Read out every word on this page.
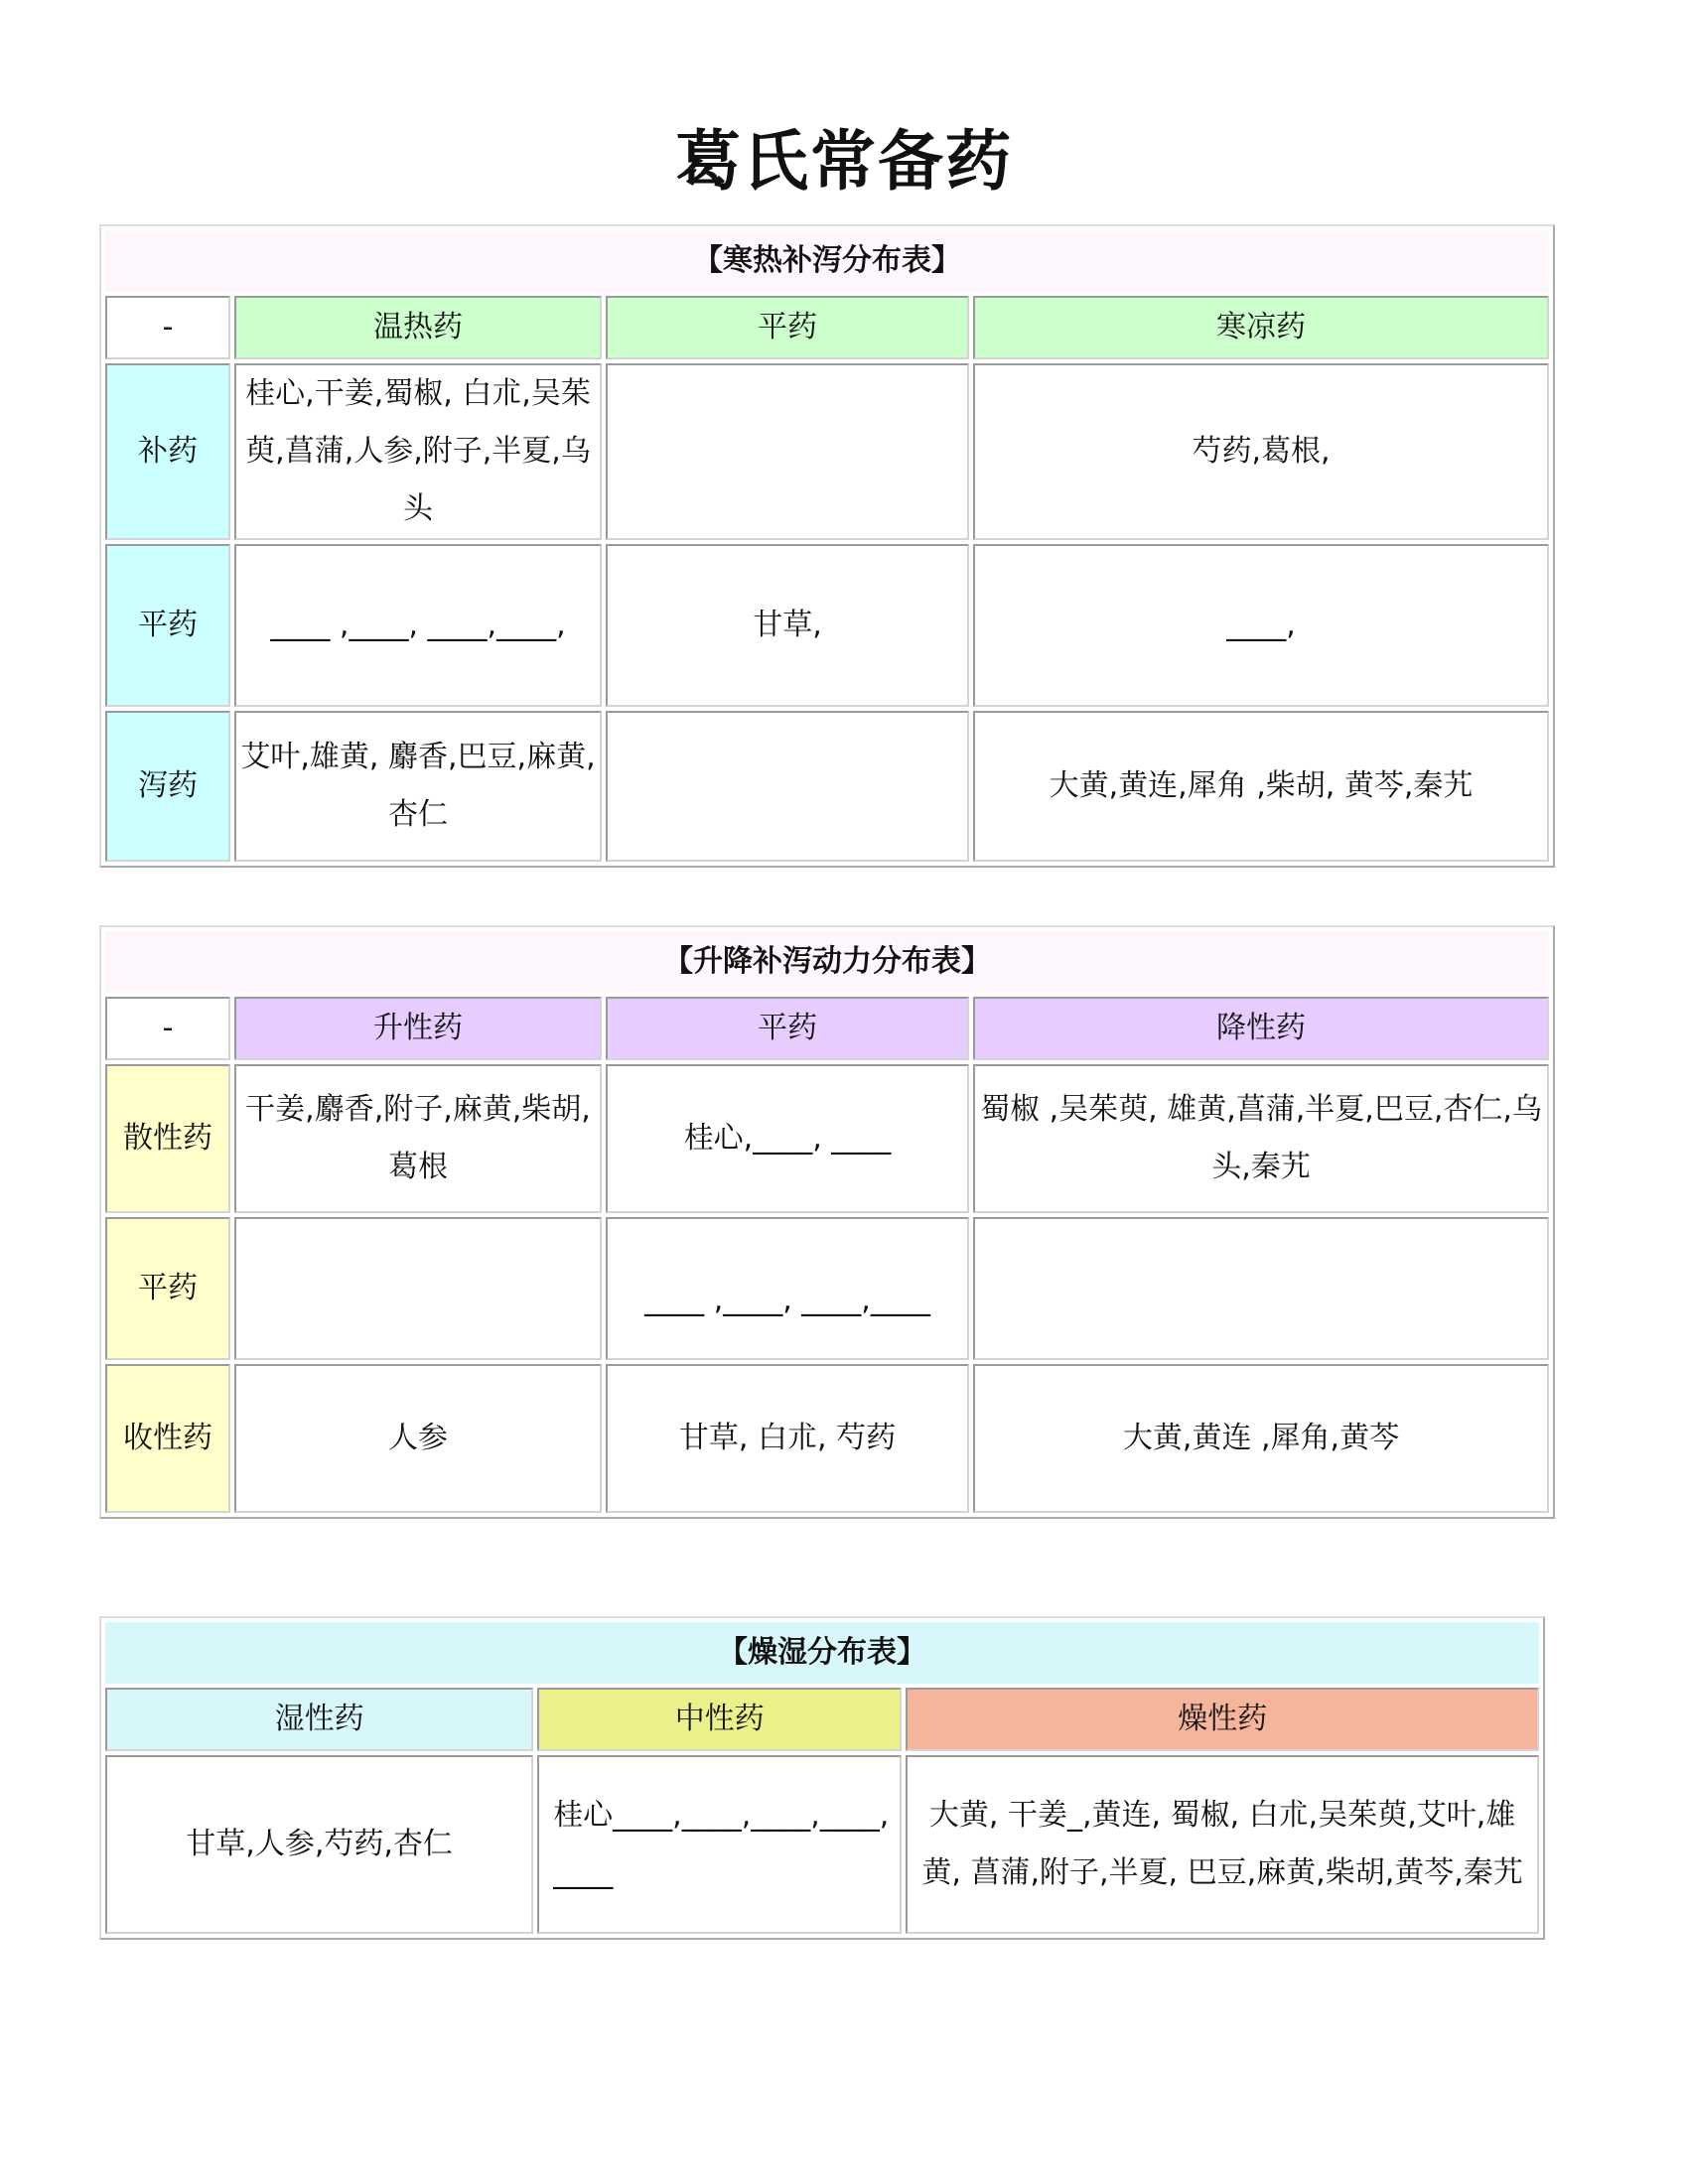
葛氏常备药
【寒热补泻分布表】			
-	温热药	平药	寒凉药
补药	桂心,干姜,蜀椒, 白朮,吴茱萸,菖蒲,人参,附子,半夏,乌头		芍药,葛根,
平药	____ ,____, ____,____,	甘草,	____,
泻药	艾叶,雄黄, 麝香,巴豆,麻黄,杏仁		大黄,黄连,犀角 ,柴胡, 黄芩,秦艽
【升降补泻动力分布表】			
-	升性药	平药	降性药
散性药	干姜,麝香,附子,麻黄,柴胡,葛根	桂心,____, ____	蜀椒 ,吴茱萸, 雄黄,菖蒲,半夏,巴豆,杏仁,乌头,秦艽
平药		____ ,____, ____,____	
收性药	人参	甘草, 白朮, 芍药	大黄,黄连 ,犀角,黄芩
【燥湿分布表】		
湿性药	中性药	燥性药
甘草,人参,芍药,杏仁	桂心____,____,____,____, ____	大黄, 干姜_,黄连, 蜀椒, 白朮,吴茱萸,艾叶,雄黄, 菖蒲,附子,半夏, 巴豆,麻黄,柴胡,黄芩,秦艽
